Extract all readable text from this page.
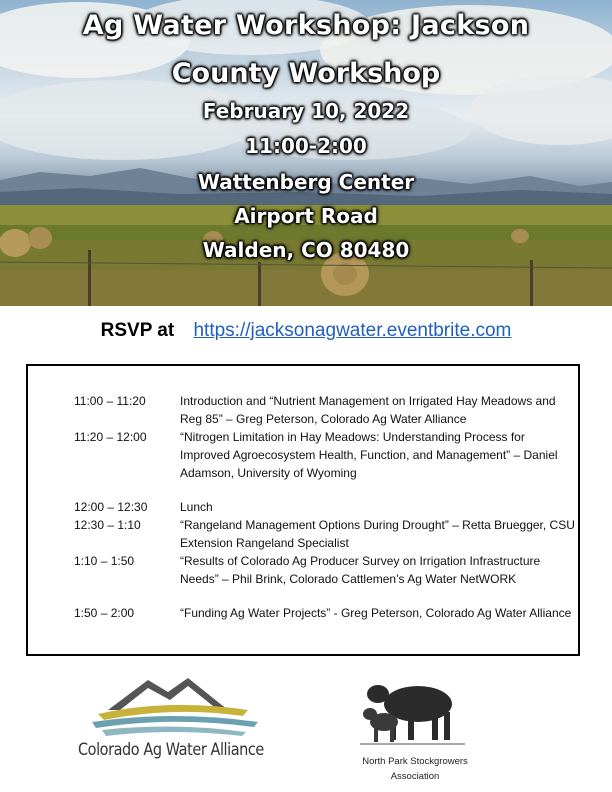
Ag Water Workshop: Jackson
County Workshop
February 10, 2022
11:00-2:00
Wattenberg Center
Airport Road
Walden, CO 80480
RSVP at https://jacksonagwater.eventbrite.com
11:00 – 11:20	Introduction and “Nutrient Management on Irrigated Hay Meadows and Reg 85” – Greg Peterson, Colorado Ag Water Alliance
11:20 – 12:00	“Nitrogen Limitation in Hay Meadows: Understanding Process for Improved Agroecosystem Health, Function, and Management” – Daniel Adamson, University of Wyoming
12:00 – 12:30	Lunch
12:30 – 1:10	“Rangeland Management Options During Drought” – Retta Bruegger, CSU Extension Rangeland Specialist
1:10 – 1:50	“Results of Colorado Ag Producer Survey on Irrigation Infrastructure Needs” – Phil Brink, Colorado Cattlemen’s Ag Water NetWORK
1:50 – 2:00	“Funding Ag Water Projects” - Greg Peterson, Colorado Ag Water Alliance
Colorado Ag Water Alliance
North Park Stockgrowers
Association
